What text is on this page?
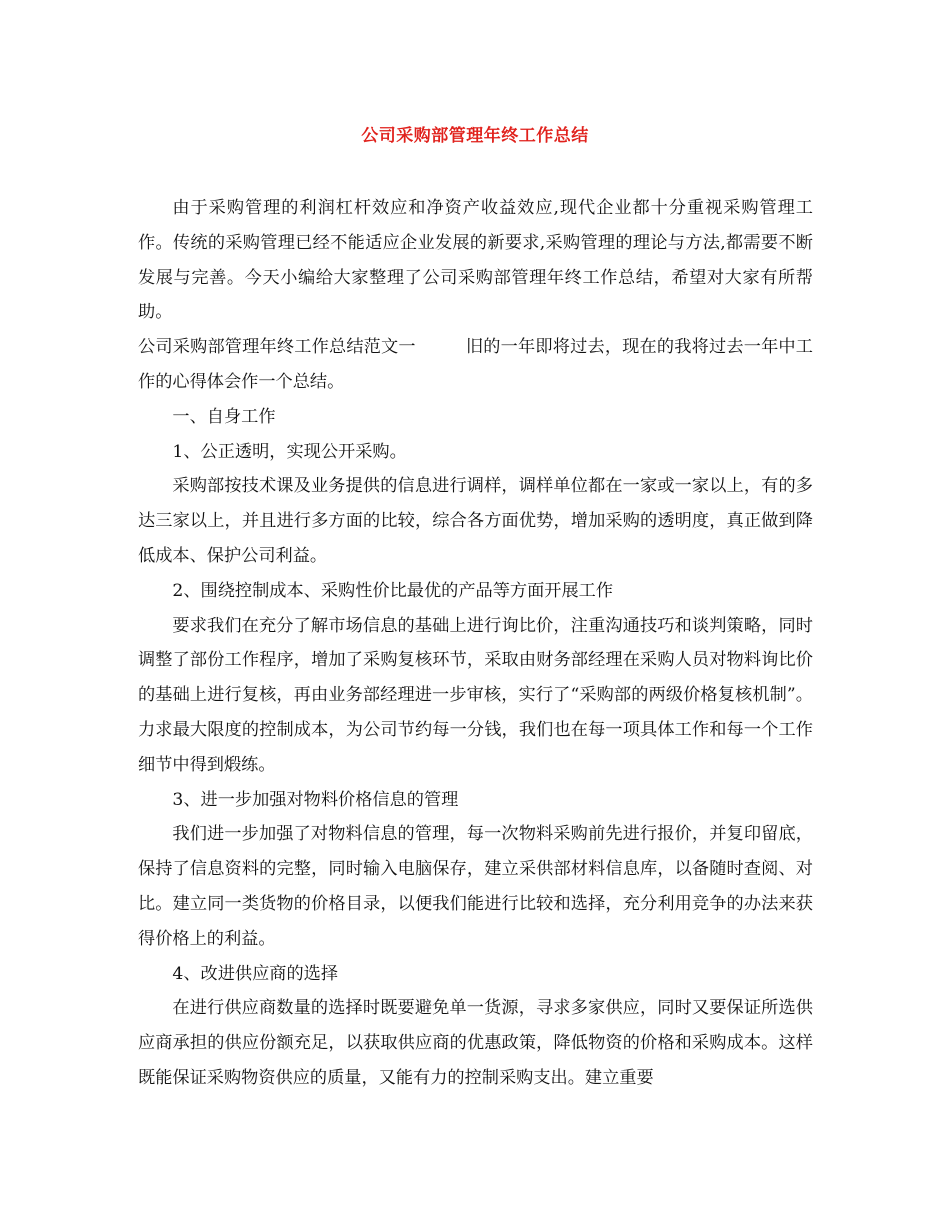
公司采购部管理年终工作总结

由于采购管理的利润杠杆效应和净资产收益效应,现代企业都十分重视采购管理工作。传统的采购管理已经不能适应企业发展的新要求,采购管理的理论与方法,都需要不断发展与完善。今天小编给大家整理了公司采购部管理年终工作总结，希望对大家有所帮助。

公司采购部管理年终工作总结范文一	旧的一年即将过去，现在的我将过去一年中工作的心得体会作一个总结。

一、自身工作

1、公正透明，实现公开采购。

采购部按技术课及业务提供的信息进行调样，调样单位都在一家或一家以上，有的多达三家以上，并且进行多方面的比较，综合各方面优势，增加采购的透明度，真正做到降低成本、保护公司利益。

2、围绕控制成本、采购性价比最优的产品等方面开展工作

要求我们在充分了解市场信息的基础上进行询比价，注重沟通技巧和谈判策略，同时调整了部份工作程序，增加了采购复核环节，采取由财务部经理在采购人员对物料询比价的基础上进行复核，再由业务部经理进一步审核，实行了“采购部的两级价格复核机制”。力求最大限度的控制成本，为公司节约每一分钱，我们也在每一项具体工作和每一个工作细节中得到煅练。

3、进一步加强对物料价格信息的管理

我们进一步加强了对物料信息的管理，每一次物料采购前先进行报价，并复印留底，保持了信息资料的完整，同时输入电脑保存，建立采供部材料信息库，以备随时查阅、对比。建立同一类货物的价格目录，以便我们能进行比较和选择，充分利用竞争的办法来获得价格上的利益。

4、改进供应商的选择

在进行供应商数量的选择时既要避免单一货源，寻求多家供应，同时又要保证所选供应商承担的供应份额充足，以获取供应商的优惠政策，降低物资的价格和采购成本。这样既能保证采购物资供应的质量，又能有力的控制采购支出。建立重要
